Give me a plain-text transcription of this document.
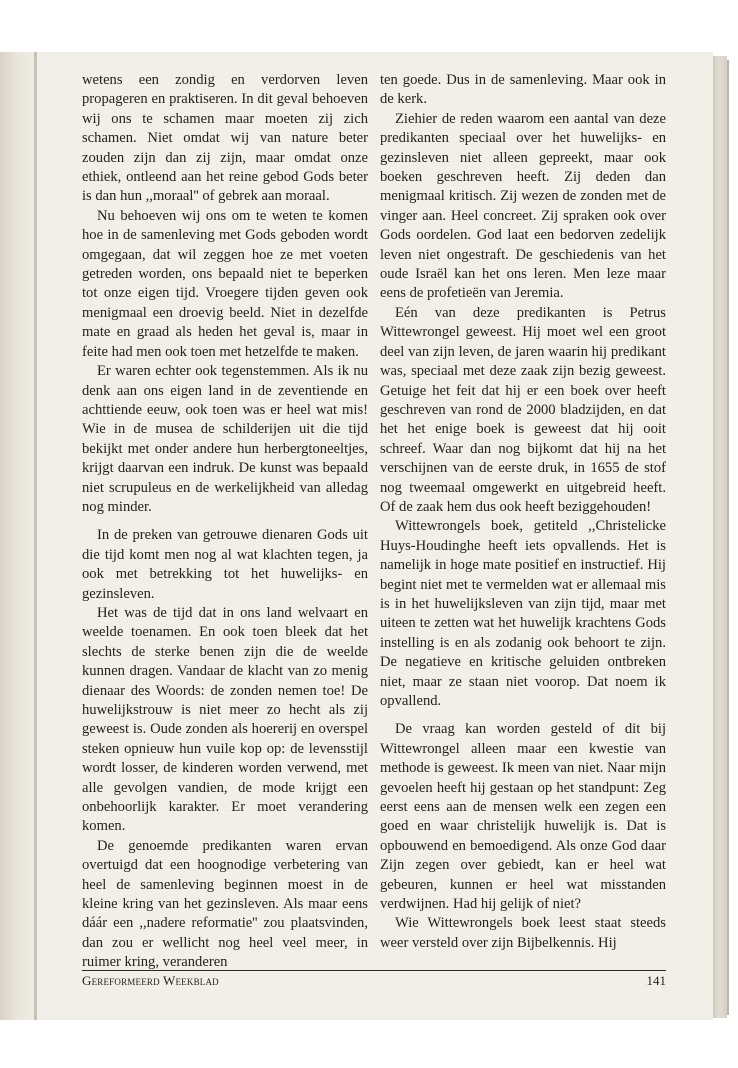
wetens een zondig en verdorven leven propageren en praktiseren. In dit geval behoeven wij ons te schamen maar moeten zij zich schamen. Niet omdat wij van nature beter zouden zijn dan zij zijn, maar omdat onze ethiek, ontleend aan het reine gebod Gods beter is dan hun ,,moraal'' of gebrek aan moraal.

Nu behoeven wij ons om te weten te komen hoe in de samenleving met Gods geboden wordt omgegaan, dat wil zeggen hoe ze met voeten getreden worden, ons bepaald niet te beperken tot onze eigen tijd. Vroegere tijden geven ook menigmaal een droevig beeld. Niet in dezelfde mate en graad als heden het geval is, maar in feite had men ook toen met hetzelfde te maken.

Er waren echter ook tegenstemmen. Als ik nu denk aan ons eigen land in de zeventiende en achttiende eeuw, ook toen was er heel wat mis! Wie in de musea de schilderijen uit die tijd bekijkt met onder andere hun herbergtoneeltjes, krijgt daarvan een indruk. De kunst was bepaald niet scrupuleus en de werkelijkheid van alledag nog minder.

In de preken van getrouwe dienaren Gods uit die tijd komt men nog al wat klachten tegen, ja ook met betrekking tot het huwelijks- en gezinsleven.

Het was de tijd dat in ons land welvaart en weelde toenamen. En ook toen bleek dat het slechts de sterke benen zijn die de weelde kunnen dragen. Vandaar de klacht van zo menig dienaar des Woords: de zonden nemen toe! De huwelijkstrouw is niet meer zo hecht als zij geweest is. Oude zonden als hoererij en overspel steken opnieuw hun vuile kop op: de levensstijl wordt losser, de kinderen worden verwend, met alle gevolgen vandien, de mode krijgt een onbehoorlijk karakter. Er moet verandering komen.

De genoemde predikanten waren ervan overtuigd dat een hoognodige verbetering van heel de samenleving beginnen moest in de kleine kring van het gezinsleven. Als maar eens dáár een ,,nadere reformatie'' zou plaatsvinden, dan zou er wellicht nog heel veel meer, in ruimer kring, veranderen

ten goede. Dus in de samenleving. Maar ook in de kerk.

Ziehier de reden waarom een aantal van deze predikanten speciaal over het huwelijks- en gezinsleven niet alleen gepreekt, maar ook boeken geschreven heeft. Zij deden dan menigmaal kritisch. Zij wezen de zonden met de vinger aan. Heel concreet. Zij spraken ook over Gods oordelen. God laat een bedorven zedelijk leven niet ongestraft. De geschiedenis van het oude Israël kan het ons leren. Men leze maar eens de profetieën van Jeremia.

Eén van deze predikanten is Petrus Wittewrongel geweest. Hij moet wel een groot deel van zijn leven, de jaren waarin hij predikant was, speciaal met deze zaak zijn bezig geweest. Getuige het feit dat hij er een boek over heeft geschreven van rond de 2000 bladzijden, en dat het het enige boek is geweest dat hij ooit schreef. Waar dan nog bijkomt dat hij na het verschijnen van de eerste druk, in 1655 de stof nog tweemaal omgewerkt en uitgebreid heeft. Of de zaak hem dus ook heeft beziggehouden!

Wittewrongels boek, getiteld ,,Christelicke Huys-Houdinghe heeft iets opvallends. Het is namelijk in hoge mate positief en instructief. Hij begint niet met te vermelden wat er allemaal mis is in het huwelijksleven van zijn tijd, maar met uiteen te zetten wat het huwelijk krachtens Gods instelling is en als zodanig ook behoort te zijn. De negatieve en kritische geluiden ontbreken niet, maar ze staan niet voorop. Dat noem ik opvallend.

De vraag kan worden gesteld of dit bij Wittewrongel alleen maar een kwestie van methode is geweest. Ik meen van niet. Naar mijn gevoelen heeft hij gestaan op het standpunt: Zeg eerst eens aan de mensen welk een zegen een goed en waar christelijk huwelijk is. Dat is opbouwend en bemoedigend. Als onze God daar Zijn zegen over gebiedt, kan er heel wat gebeuren, kunnen er heel wat misstanden verdwijnen. Had hij gelijk of niet?

Wie Wittewrongels boek leest staat steeds weer versteld over zijn Bijbelkennis. Hij

Gereformeerd Weekblad	141
